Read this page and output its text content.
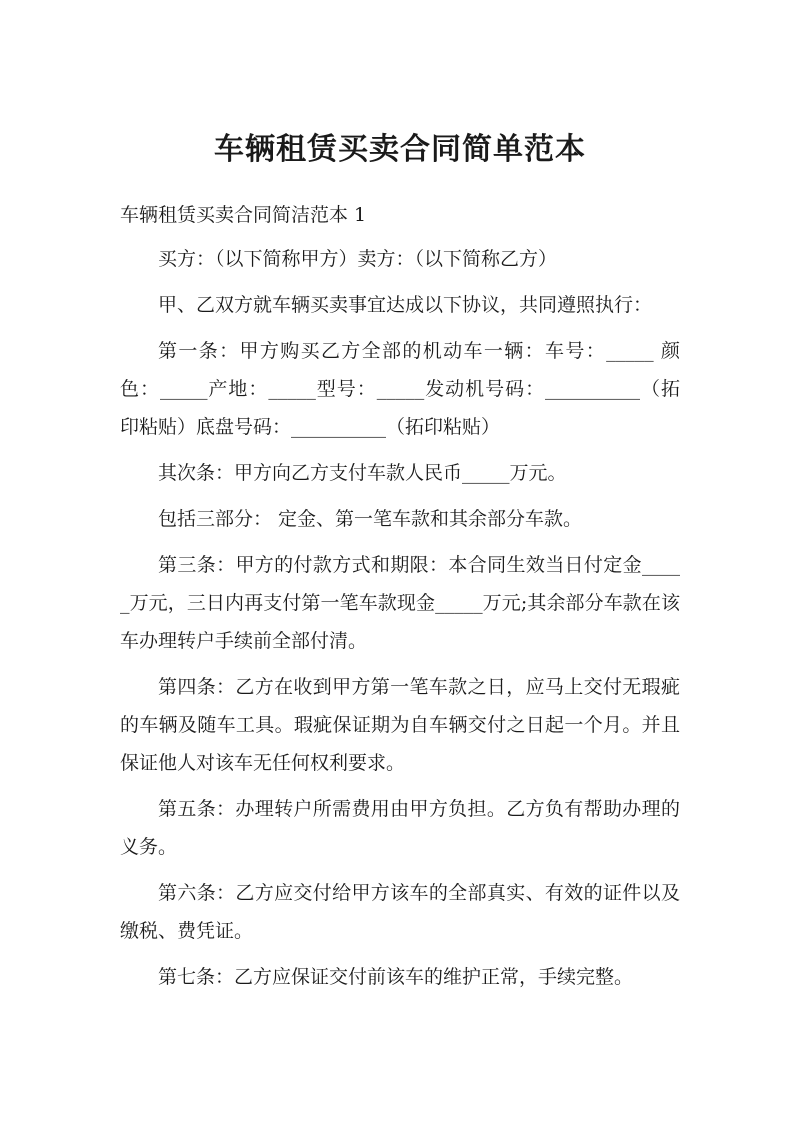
车辆租赁买卖合同简单范本

车辆租赁买卖合同简洁范本 1

买方：（以下简称甲方）卖方：（以下简称乙方）

甲、乙双方就车辆买卖事宜达成以下协议，共同遵照执行：

第一条：甲方购买乙方全部的机动车一辆：车号：_____ 颜色：_____产地：_____型号：_____发动机号码：__________（拓印粘贴）底盘号码：__________（拓印粘贴）

其次条：甲方向乙方支付车款人民币_____万元。

包括三部分： 定金、第一笔车款和其余部分车款。

第三条：甲方的付款方式和期限：本合同生效当日付定金_____万元，三日内再支付第一笔车款现金_____万元;其余部分车款在该车办理转户手续前全部付清。

第四条：乙方在收到甲方第一笔车款之日，应马上交付无瑕疵的车辆及随车工具。瑕疵保证期为自车辆交付之日起一个月。并且保证他人对该车无任何权利要求。

第五条：办理转户所需费用由甲方负担。乙方负有帮助办理的义务。

第六条：乙方应交付给甲方该车的全部真实、有效的证件以及缴税、费凭证。

第七条：乙方应保证交付前该车的维护正常，手续完整。
